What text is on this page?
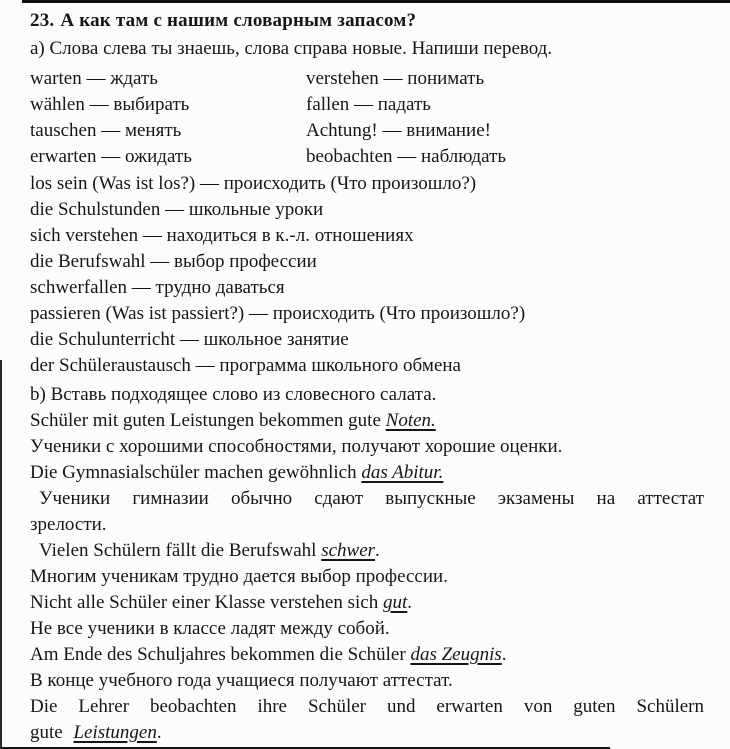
23. А как там с нашим словарным запасом?

а) Слова слева ты знаешь, слова справа новые. Напиши перевод.

warten — ждать

wählen — выбирать

tauschen — менять

erwarten — ожидать

verstehen — понимать

fallen — падать

Achtung! — внимание!

beobachten — наблюдать

los sein (Was ist los?) — происходить (Что произошло?)

die Schulstunden — школьные уроки

sich verstehen — находиться в к.-л. отношениях

die Berufswahl — выбор профессии

schwerfallen — трудно даваться

passieren (Was ist passiert?) — происходить (Что произошло?)

die Schulunterricht — школьное занятие

der Schüleraustausch — программа школьного обмена

b) Вставь подходящее слово из словесного салата.

Schüler mit guten Leistungen bekommen gute Noten.

Ученики с хорошими способностями, получают хорошие оценки.

Die Gymnasialschüler machen gewöhnlich das Abitur.

Ученики гимназии обычно сдают выпускные экзамены на аттестат зрелости.

Vielen Schülern fällt die Berufswahl schwer.

Многим ученикам трудно дается выбор профессии.

Nicht alle Schüler einer Klasse verstehen sich gut.

Не все ученики в классе ладят между собой.

Am Ende des Schuljahres bekommen die Schüler das Zeugnis.

В конце учебного года учащиеся получают аттестат.

Die Lehrer beobachten ihre Schüler und erwarten von guten Schülern gute Leistungen.
